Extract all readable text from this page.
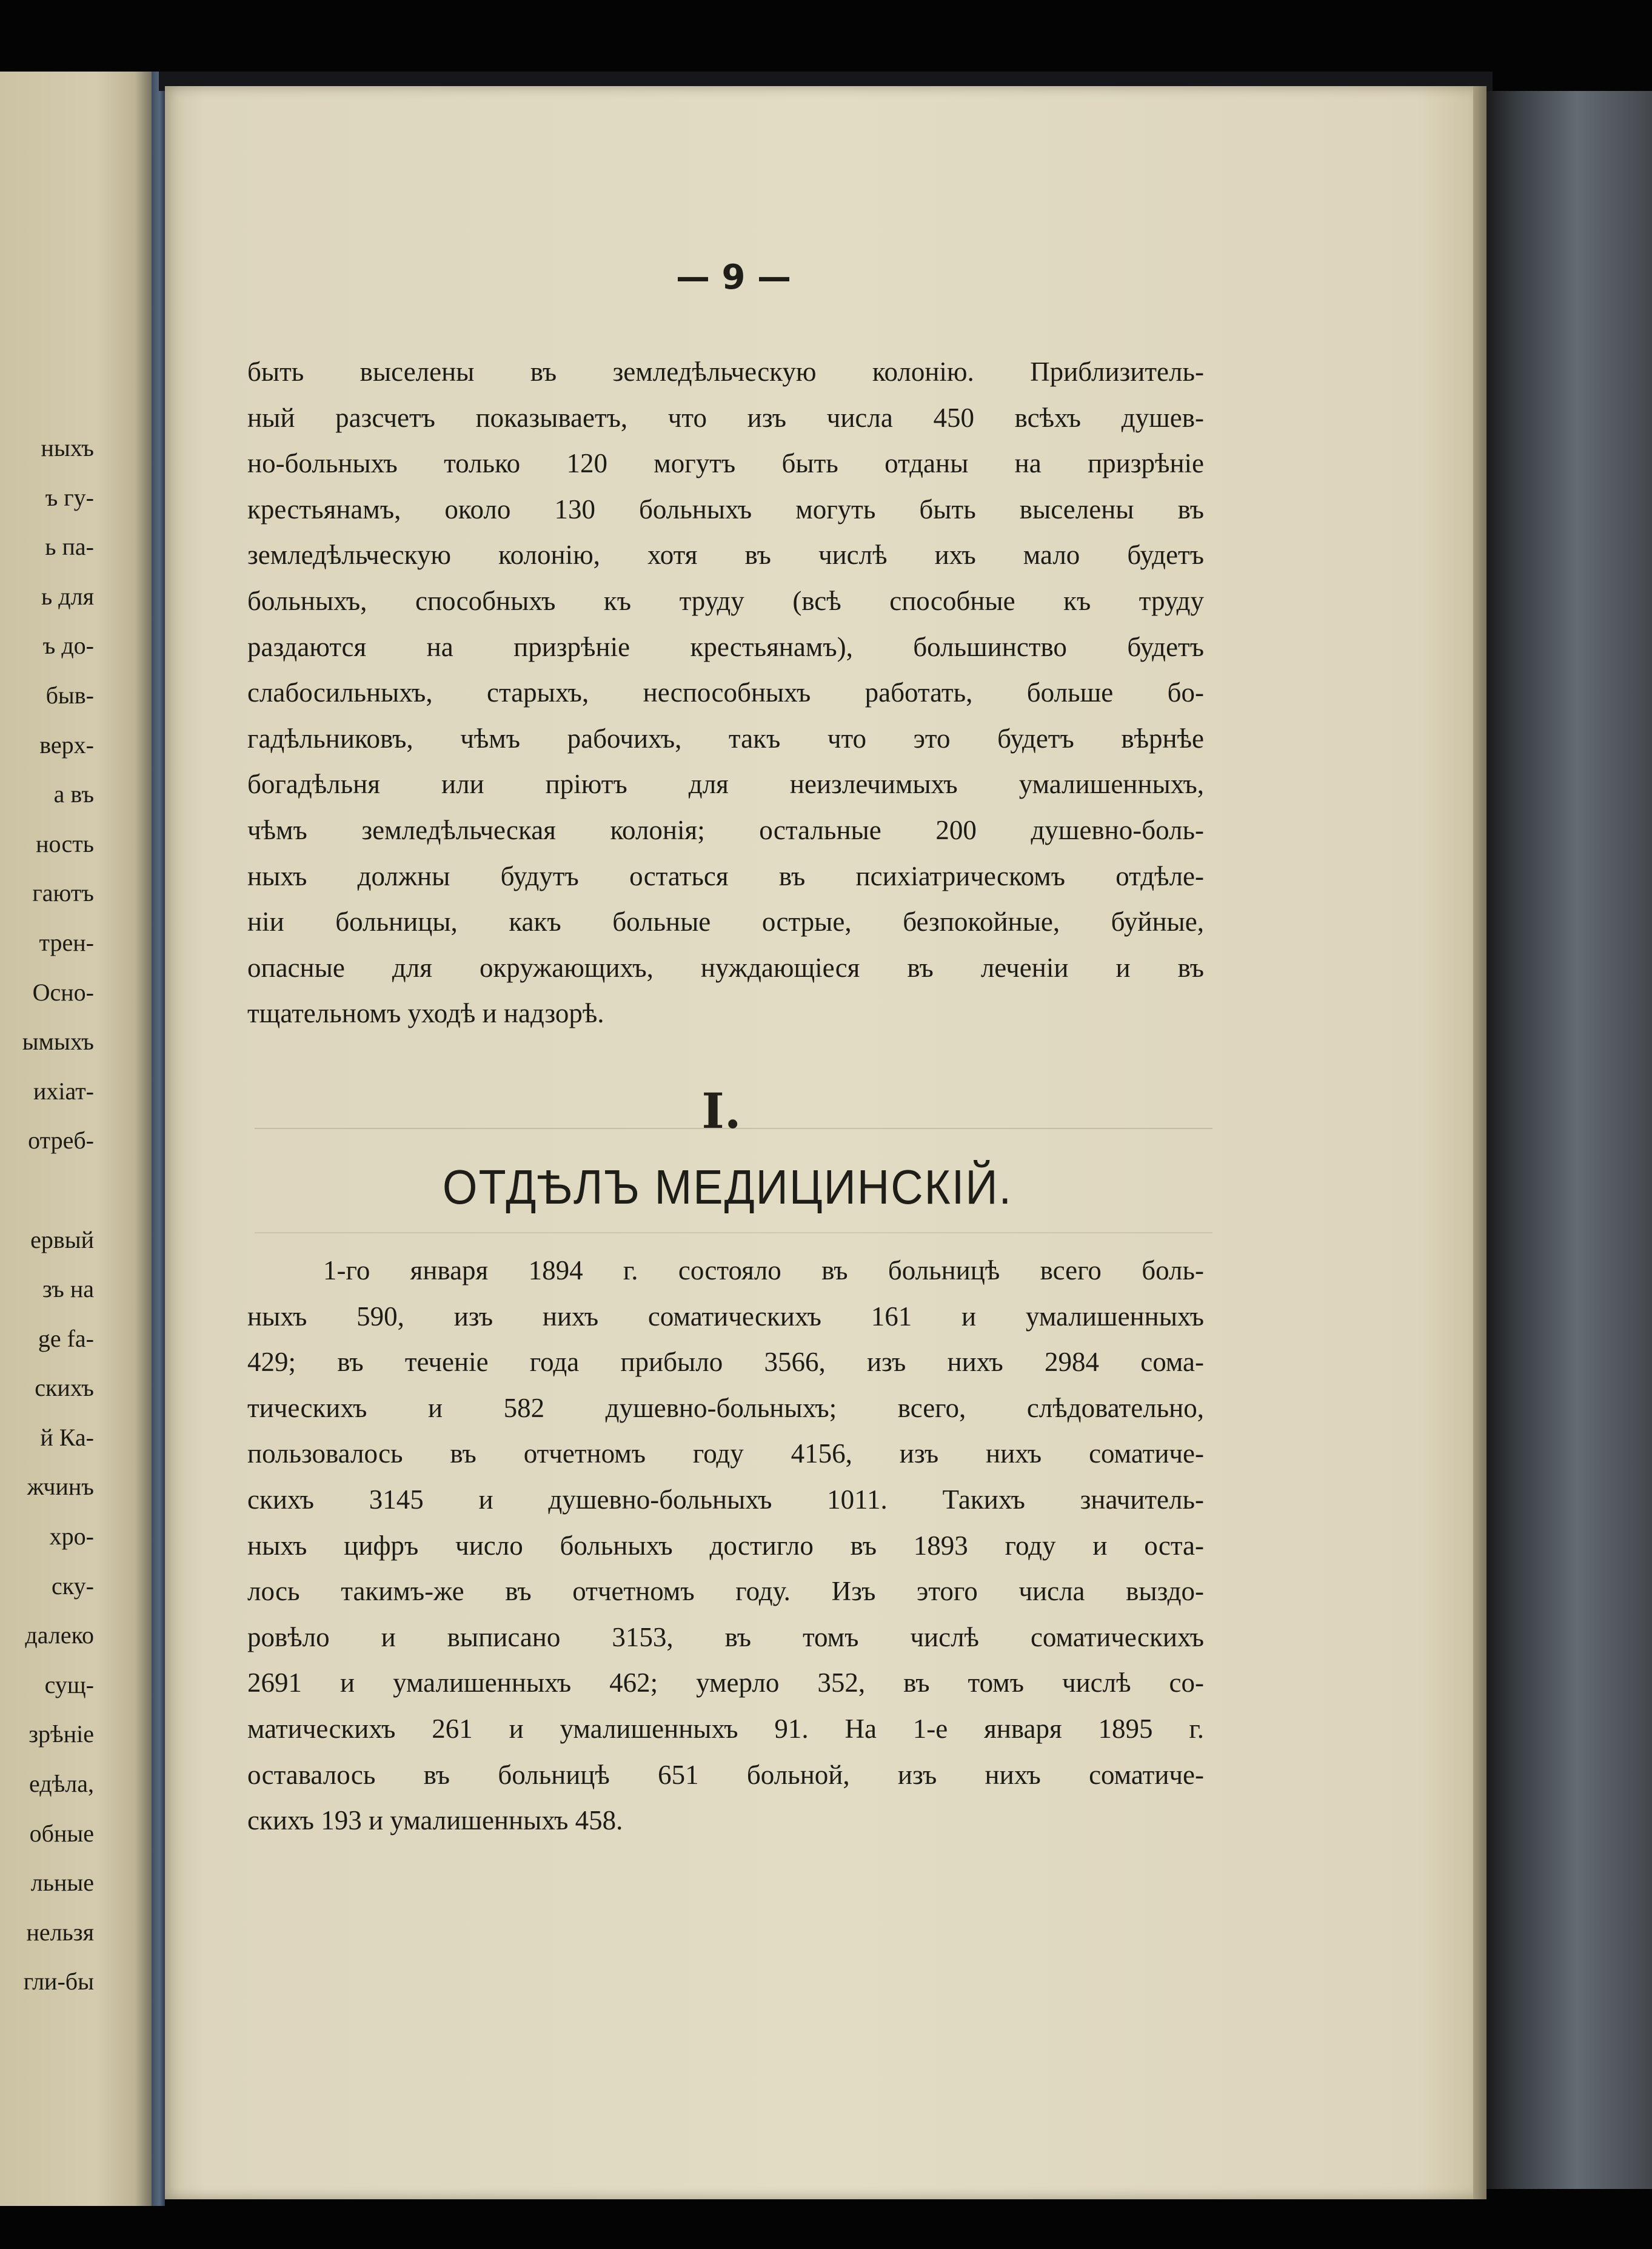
ныхъ
ъ гу-
ь па-
ь для
ъ до-
быв-
верх-
а въ
ность
гаютъ
трен-
Осно-
ымыхъ
ихіат-
отреб-

ервый
зъ на
ge fa-
скихъ
й Ка-
жчинъ
хро-
ску-
далеко
сущ-
зрѣніе
едѣла,
обные
льные
нельзя
гли-бы
— 9 —
быть выселены въ земледѣльческую колонію. Приблизитель-
ный разсчетъ показываетъ, что изъ числа 450 всѣхъ душев-
но-больныхъ только 120 могутъ быть отданы на призрѣніе
крестьянамъ, около 130 больныхъ могуть быть выселены въ
земледѣльческую колонію, хотя въ числѣ ихъ мало будетъ
больныхъ, способныхъ къ труду (всѣ способные къ труду
раздаются на призрѣніе крестьянамъ), большинство будетъ
слабосильныхъ, старыхъ, неспособныхъ работать, больше бо-
гадѣльниковъ, чѣмъ рабочихъ, такъ что это будетъ вѣрнѣе
богадѣльня или пріютъ для неизлечимыхъ умалишенныхъ,
чѣмъ земледѣльческая колонія; остальные 200 душевно-боль-
ныхъ должны будутъ остаться въ психіатрическомъ отдѣле-
ніи больницы, какъ больные острые, безпокойные, буйные,
опасные для окружающихъ, нуждающіеся въ леченіи и въ
тщательномъ уходѣ и надзорѣ.
I.
ОТДѢЛЪ МЕДИЦИНСКІЙ.
1-го января 1894 г. состояло въ больницѣ всего боль-
ныхъ 590, изъ нихъ соматическихъ 161 и умалишенныхъ
429; въ теченіе года прибыло 3566, изъ нихъ 2984 сома-
тическихъ и 582 душевно-больныхъ; всего, слѣдовательно,
пользовалось въ отчетномъ году 4156, изъ нихъ соматиче-
скихъ 3145 и душевно-больныхъ 1011. Такихъ значитель-
ныхъ цифръ число больныхъ достигло въ 1893 году и оста-
лось такимъ-же въ отчетномъ году. Изъ этого числа выздо-
ровѣло и выписано 3153, въ томъ числѣ соматическихъ
2691 и умалишенныхъ 462; умерло 352, въ томъ числѣ со-
матическихъ 261 и умалишенныхъ 91. На 1-е января 1895 г.
оставалось въ больницѣ 651 больной, изъ нихъ соматиче-
скихъ 193 и умалишенныхъ 458.
